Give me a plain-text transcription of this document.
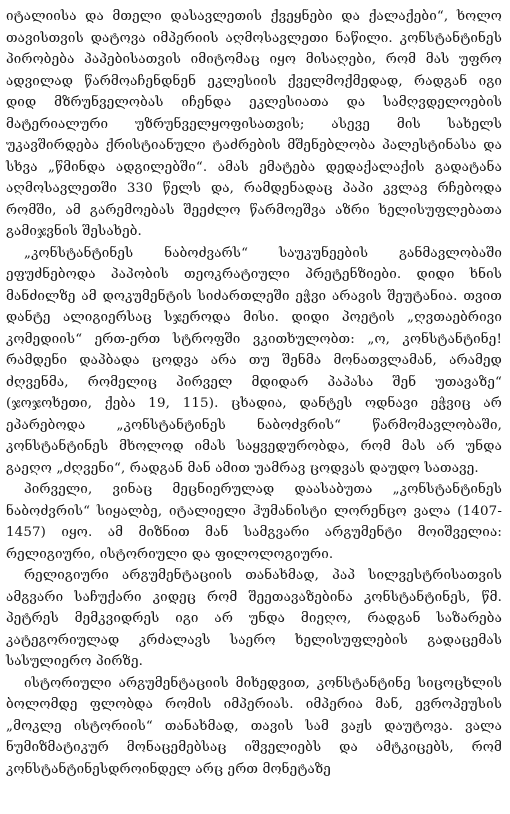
იტალიისა და მთელი დასავლეთის ქვეყნები და ქალაქები“, ხოლო თავისთვის დატოვა იმპერიის აღმოსავლეთი ნაწილი. კონსტანტინეს პირობება პაპებისათვის იმიტომაც იყო მისაღები, რომ მას უფრო ადვილად წარმოაჩენდნენ ეკლესიის ქველმოქმედად, რადგან იგი დიდ მზრუნველობას იჩენდა ეკლესიათა და სამღვდელოების მატერიალური უზრუნველყოფისათვის; ასევე მის სახელს უკავშირდება ქრისტიანული ტაძრების მშენებლობა პალესტინასა და სხვა „წმინდა ადგილებში“. ამას ემატება დედაქალაქის გადატანა აღმოსავლეთში 330 წელს და, რამდენადაც პაპი კვლავ რჩებოდა რომში, ამ გარემოებას შეეძლო წარმოეშვა აზრი ხელისუფლებათა გამიჯვნის შესახებ.

„კონსტანტინეს ნაბოძვარს“ საუკუნეების განმავლობაში ეფუძნებოდა პაპობის თეოკრატიული პრეტენზიები. დიდი ხნის მანძილზე ამ დოკუმენტის სიძართლეში ეჭვი არავის შეუტანია. თვით დანტე ალიგიერსაც სჯეროდა მისი. დიდი პოეტის „ღვთაებრივი კომედიის“ ერთ-ერთ სტროფში ვკითხულობთ: „ო, კონსტანტინე! რამდენი დაპბადა ცოდვა არა თუ შენმა მონათვლამან, არამედ ძღვენმა, რომელიც პირველ მდიდარ პაპასა შენ უთავაზე“ (ჯოჯოხეთი, ქება 19, 115). ცხადია, დანტეს ოდნავი ეჭვიც არ ეპარებოდა „კონსტანტინეს ნაბოძვრის“ წარმომავლობაში, კონსტანტინეს მხოლოდ იმას საყვედურობდა, რომ მას არ უნდა გაეღო „ძღვენი“, რადგან მან ამით უამრავ ცოდვას დაუდო სათავე.

პირველი, ვინაც მეცნიერულად დაასაბუთა „კონსტანტინეს ნაბოძვრის“ სიყალბე, იტალიელი ჰუმანისტი ლორენცო ვალა (1407-1457) იყო. ამ მიზნით მან სამგვარი არგუმენტი მოიშველია: რელიგიური, ისტორიული და ფილოლოგიური.

რელიგიური არგუმენტაციის თანახმად, პაპ სილვესტრისათვის ამგვარი საჩუქარი კიდეც რომ შეეთავაზებინა კონსტანტინეს, წმ. პეტრეს მემკვიდრეს იგი არ უნდა მიეღო, რადგან საზარება კატეგორიულად კრძალავს საერო ხელისუფლების გადაცემას სასულიერო პირზე.

ისტორიული არგუმენტაციის მიხედვით, კონსტანტინე სიცოცხლის ბოლომდე ფლობდა რომის იმპერიას. იმპერია მან, ევროპეუსის „მოკლე ისტორიის“ თანახმად, თავის სამ ვაჟს დაუტოვა. ვალა ნუმიზმატიკურ მონაცემებსაც იშველიებს და ამტკიცებს, რომ კონსტანტინესდროინდელ არც ერთ მონეტაზე
